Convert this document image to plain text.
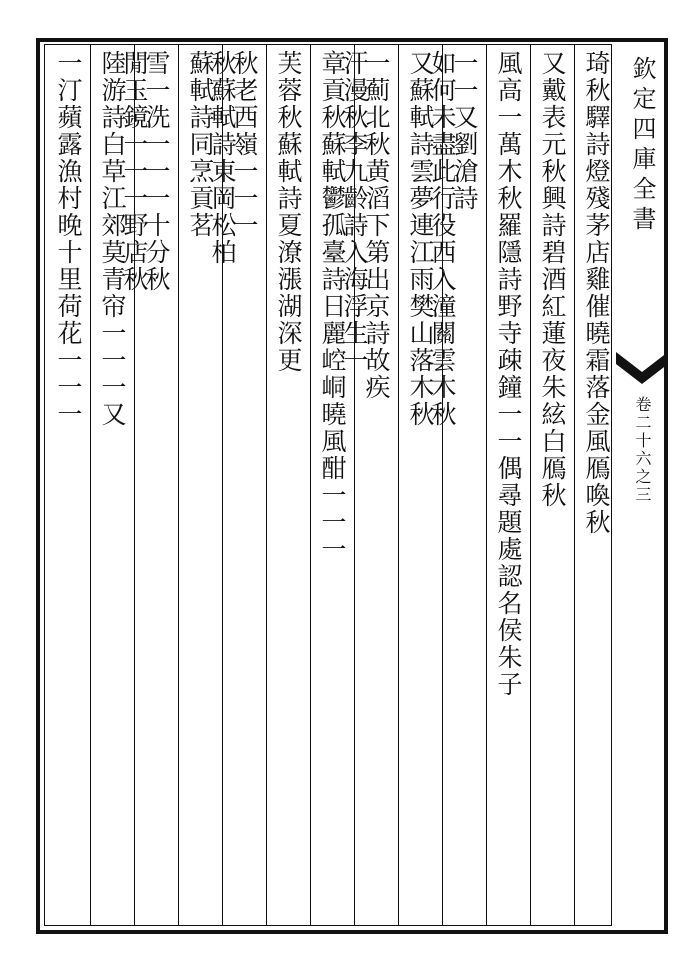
欽定四庫全書
卷二十六之三
琦秋驛詩燈殘茅店雞催曉霜落金風鴈喚秋
又戴表元秋興詩碧酒紅蓮夜朱絃白鴈秋
風高一萬木秋羅隱詩野寺疎鐘一一偶尋題處認名侯朱子
一一又劉滄詩
如何未盡此行役西入潼關雲木秋
又蘇軾詩雲夢連江雨樊山落木秋
一薊北秋黄滔下第出京詩故疾
汗漫秋李九齡詩入海浮生一
章貢秋蘇軾鬱孤臺詩日麗崆峒曉風酣一一一
芙蓉秋蘇軾詩夏潦漲湖深更
秋老西嶺一一一
秋蘇軾詩東岡松柏
蘇軾詩同烹貢茗
雪一洗一一一十分秋
閒玉鏡一一一野店秋
陸游詩白草江郊莫青帘一一一又
一汀蘋露漁村晚十里荷花一一一
